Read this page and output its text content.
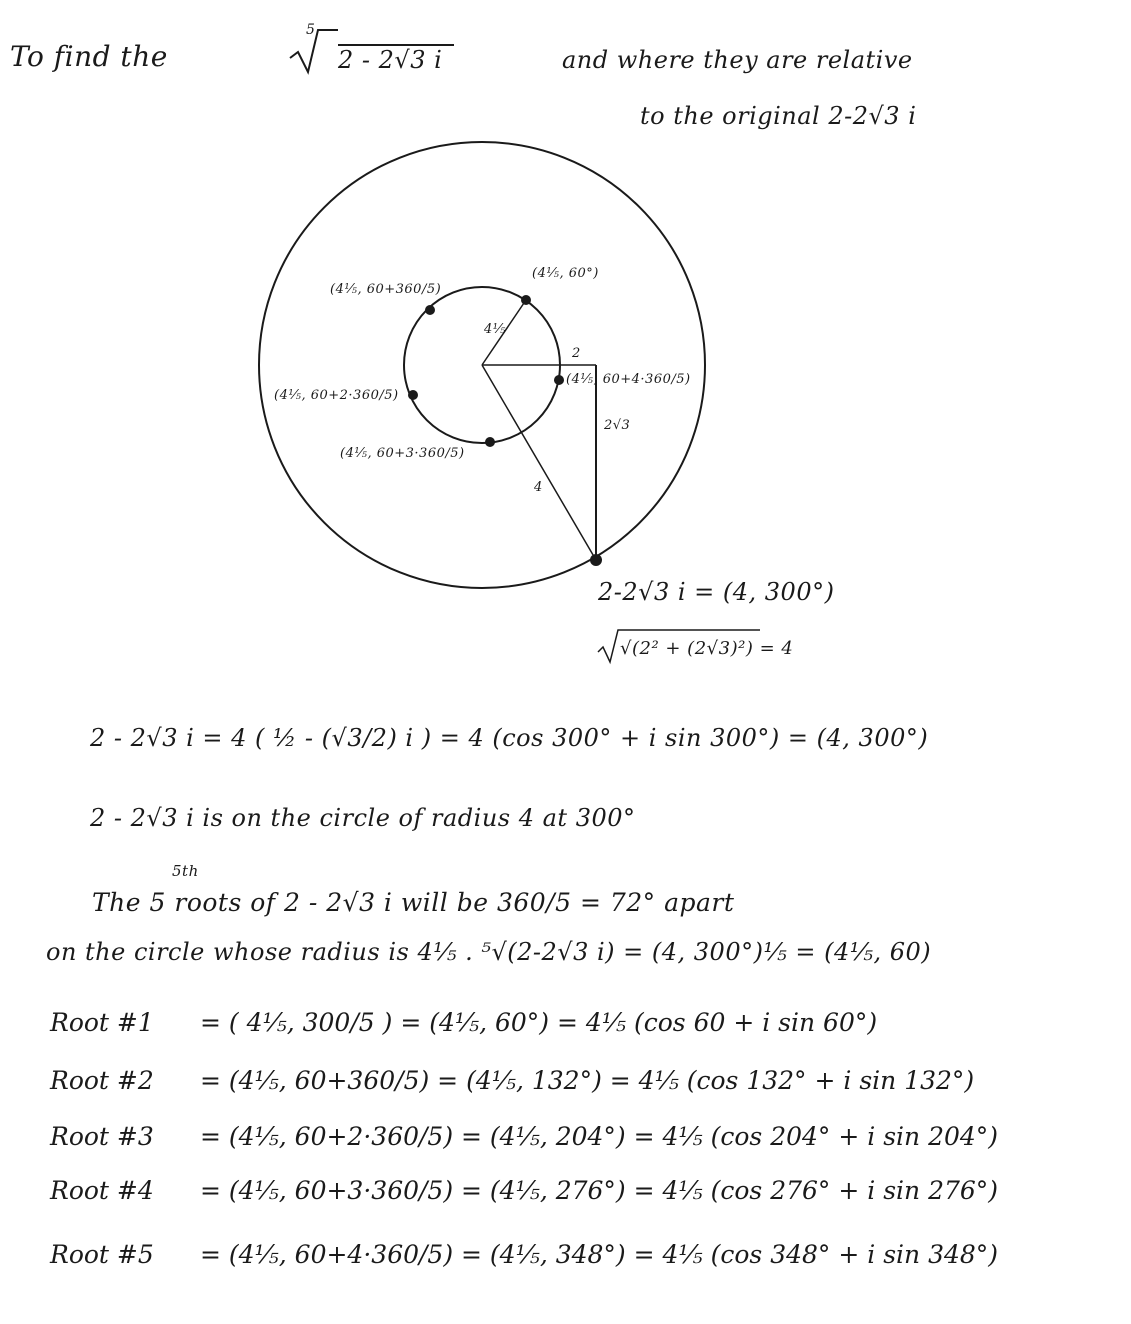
To find the
5
2 - 2√3 i	and where they are relative
to the original 2-2√3 i
(4⅕, 60°)
(4⅕, 60+360/5)
(4⅕, 60+2·360/5)
(4⅕, 60+3·360/5)
(4⅕, 60+4·360/5)
4⅕
2
2√3
4
2-2√3 i = (4, 300°)
√(2² + (2√3)²) = 4
2 - 2√3 i = 4 ( ½ - (√3/2) i ) = 4 (cos 300° + i sin 300°) = (4, 300°)
2 - 2√3 i is on the circle of radius 4 at 300°
5th
The 5 roots of 2 - 2√3 i will be 360/5 = 72° apart
on the circle whose radius is 4⅕ . ⁵√(2-2√3 i) = (4, 300°)⅕ = (4⅕, 60)
Root #1 = ( 4⅕, 300/5 ) = (4⅕, 60°) = 4⅕ (cos 60 + i sin 60°)
Root #2 = (4⅕, 60+360/5) = (4⅕, 132°) = 4⅕ (cos 132° + i sin 132°)
Root #3 = (4⅕, 60+2·360/5) = (4⅕, 204°) = 4⅕ (cos 204° + i sin 204°)
Root #4 = (4⅕, 60+3·360/5) = (4⅕, 276°) = 4⅕ (cos 276° + i sin 276°)
Root #5 = (4⅕, 60+4·360/5) = (4⅕, 348°) = 4⅕ (cos 348° + i sin 348°)
